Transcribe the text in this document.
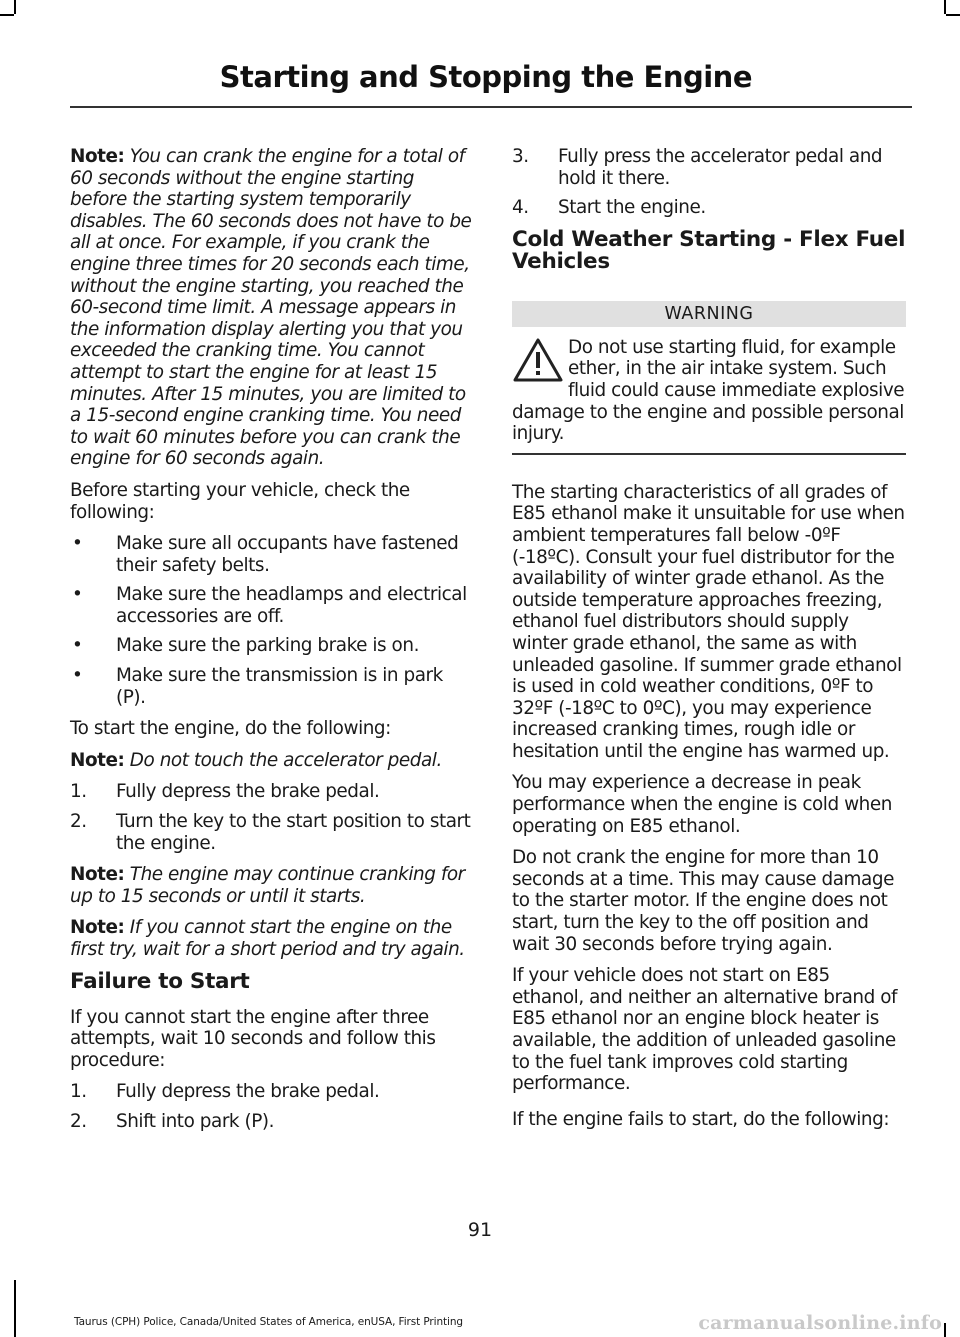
Starting and Stopping the Engine

Note: You can crank the engine for a total of 60 seconds without the engine starting before the starting system temporarily disables. The 60 seconds does not have to be all at once. For example, if you crank the engine three times for 20 seconds each time, without the engine starting, you reached the 60-second time limit. A message appears in the information display alerting you that you exceeded the cranking time. You cannot attempt to start the engine for at least 15 minutes. After 15 minutes, you are limited to a 15-second engine cranking time. You need to wait 60 minutes before you can crank the engine for 60 seconds again.

Before starting your vehicle, check the following:

• Make sure all occupants have fastened their safety belts.
• Make sure the headlamps and electrical accessories are off.
• Make sure the parking brake is on.
• Make sure the transmission is in park (P).

To start the engine, do the following:

Note: Do not touch the accelerator pedal.

1. Fully depress the brake pedal.
2. Turn the key to the start position to start the engine.

Note: The engine may continue cranking for up to 15 seconds or until it starts.

Note: If you cannot start the engine on the first try, wait for a short period and try again.

Failure to Start

If you cannot start the engine after three attempts, wait 10 seconds and follow this procedure:

1. Fully depress the brake pedal.
2. Shift into park (P).
3. Fully press the accelerator pedal and hold it there.
4. Start the engine.
Cold Weather Starting - Flex Fuel Vehicles
WARNING
Do not use starting fluid, for example ether, in the air intake system. Such fluid could cause immediate explosive damage to the engine and possible personal injury.

The starting characteristics of all grades of E85 ethanol make it unsuitable for use when ambient temperatures fall below -0ºF (-18ºC). Consult your fuel distributor for the availability of winter grade ethanol. As the outside temperature approaches freezing, ethanol fuel distributors should supply winter grade ethanol, the same as with unleaded gasoline. If summer grade ethanol is used in cold weather conditions, 0ºF to 32ºF (-18ºC to 0ºC), you may experience increased cranking times, rough idle or hesitation until the engine has warmed up.

You may experience a decrease in peak performance when the engine is cold when operating on E85 ethanol.

Do not crank the engine for more than 10 seconds at a time. This may cause damage to the starter motor. If the engine does not start, turn the key to the off position and wait 30 seconds before trying again.

If your vehicle does not start on E85 ethanol, and neither an alternative brand of E85 ethanol nor an engine block heater is available, the addition of unleaded gasoline to the fuel tank improves cold starting performance.

If the engine fails to start, do the following:

91
Taurus (CPH) Police, Canada/United States of America, enUSA, First Printing	carmanualsonline.info
